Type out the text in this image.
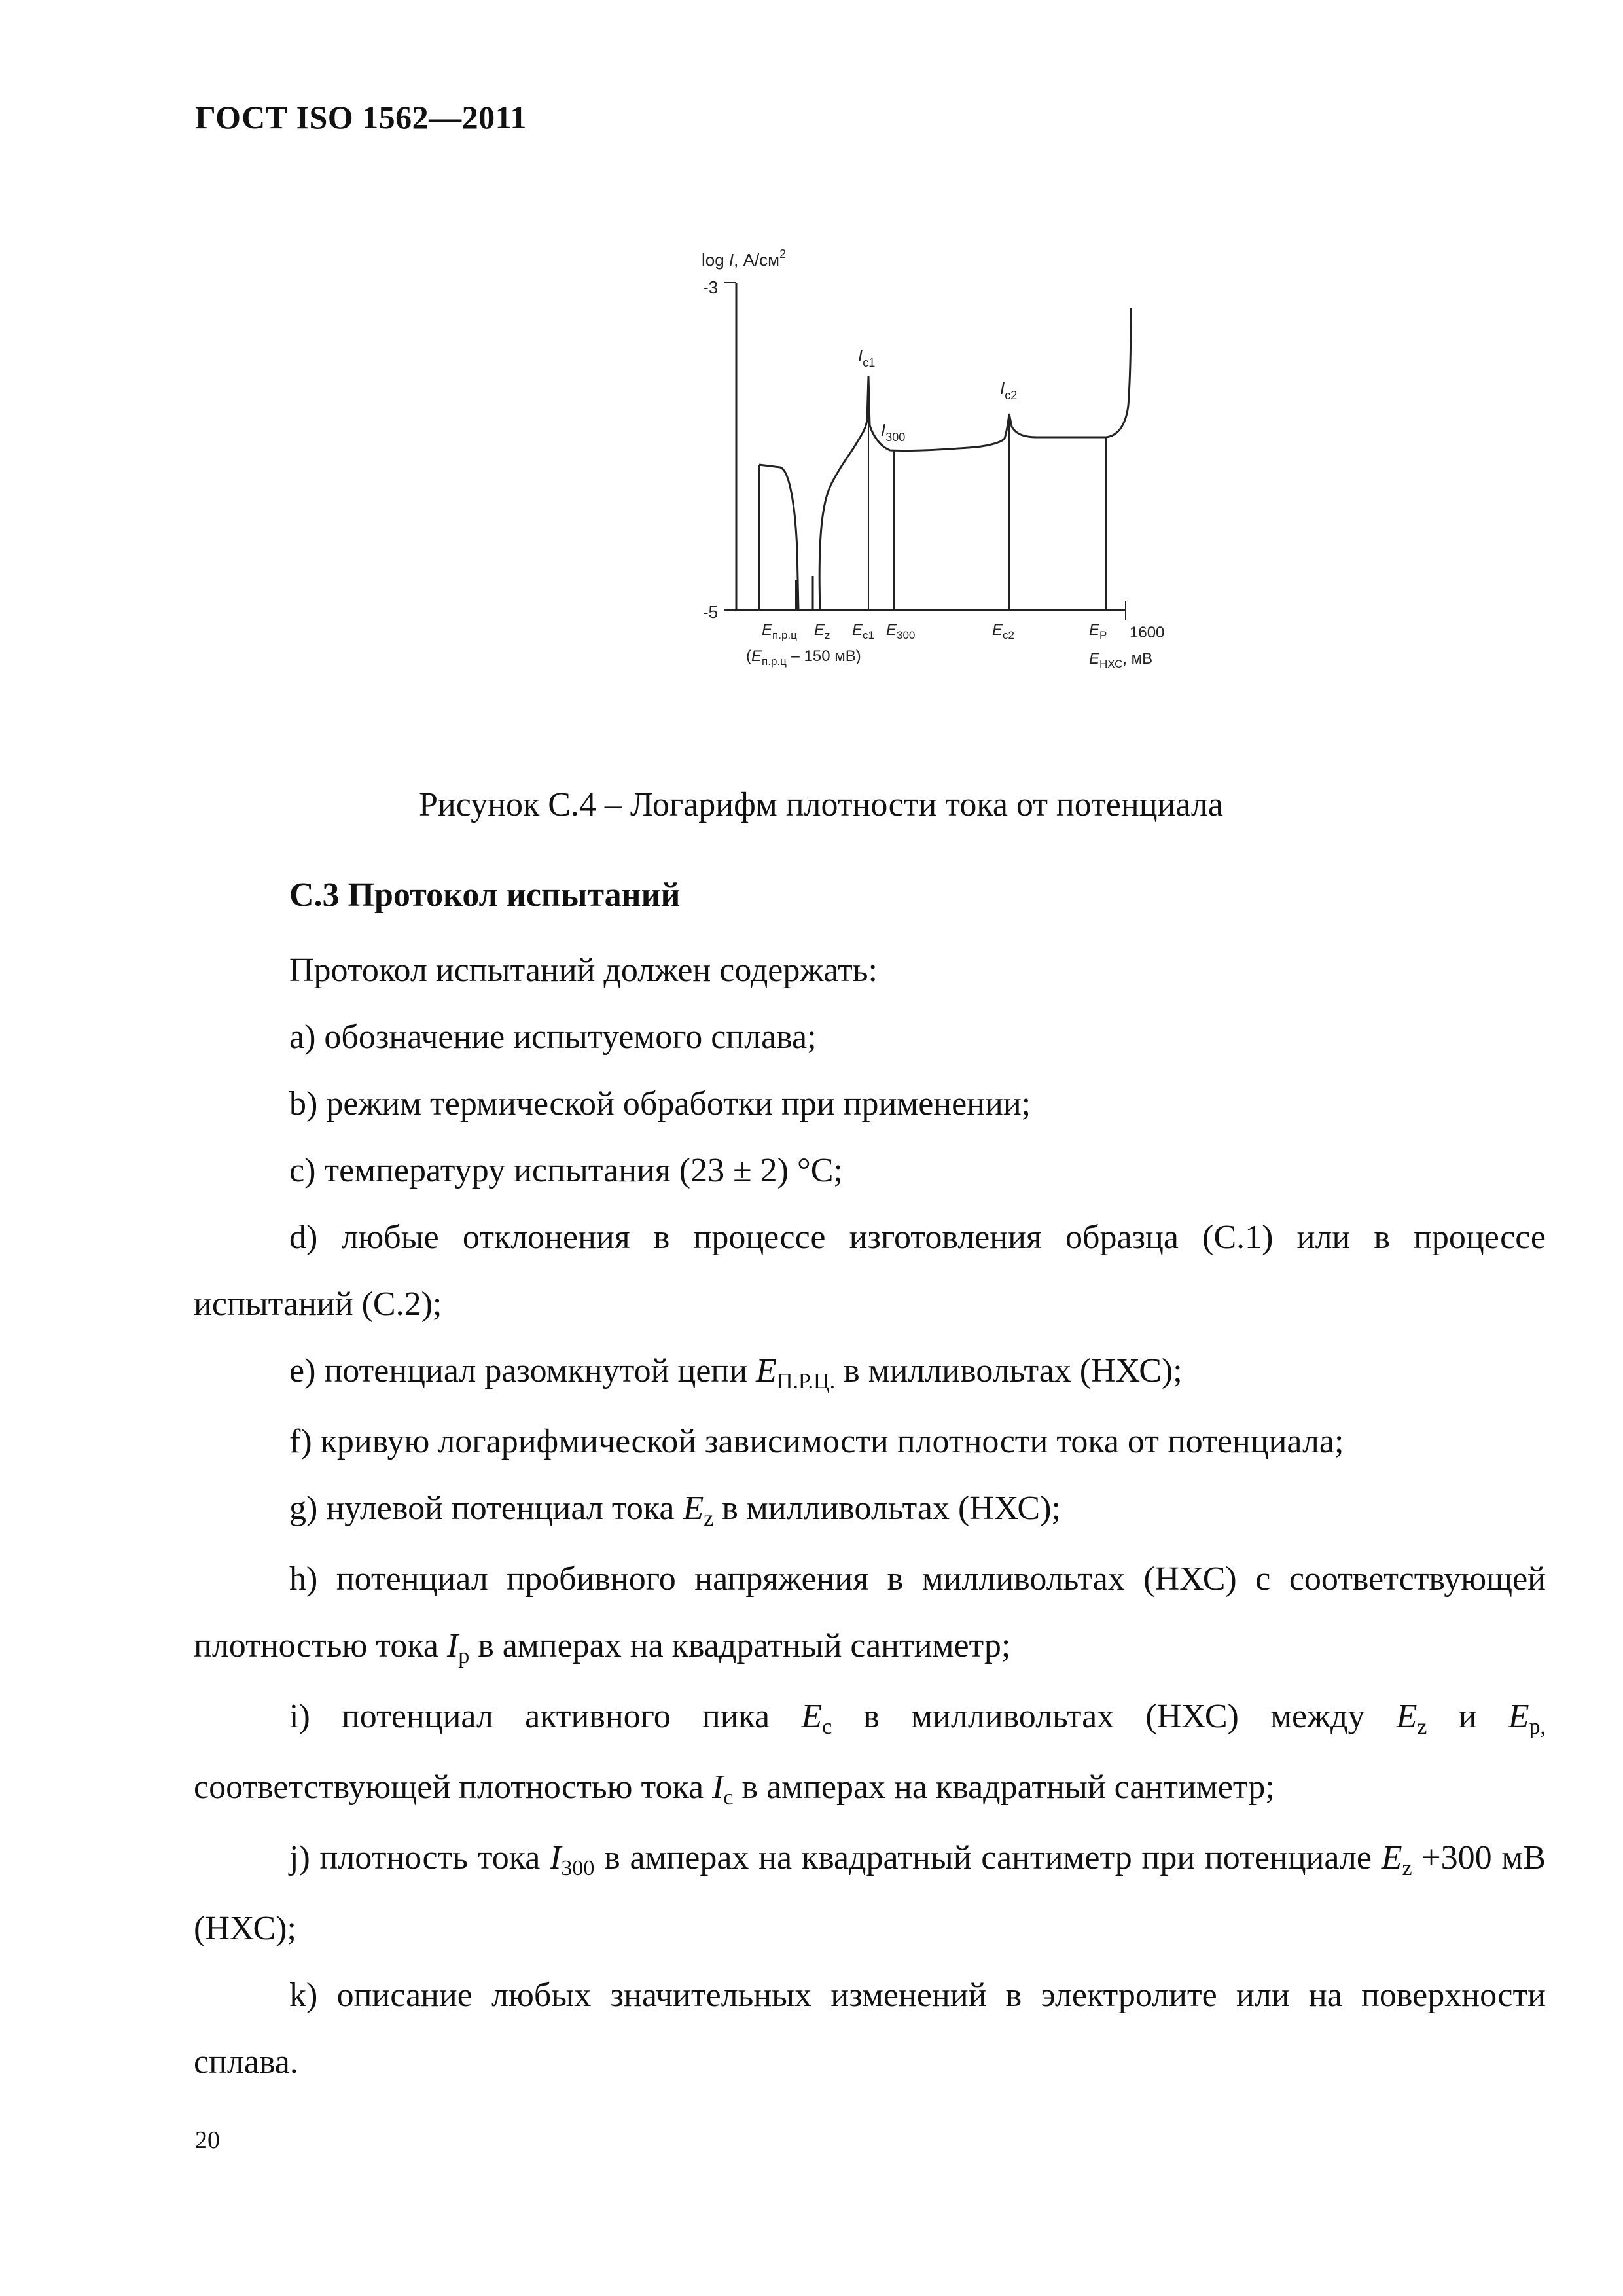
ГОСТ ISO 1562—2011
log I, $А/см^2$
-3
-5
$I_{c1}$
$I_{300}$
$I_{c2}$
$E_{п.р.ц}$ $E_z$ $E_{c1}$ $E_{300}$	$E_{c2}$	$E_P$ 1600
($E_{п.р.ц} - 150$ мВ)	$E_{НХС}$, мВ
Рисунок С.4 – Логарифм плотности тока от потенциала
С.3 Протокол испытаний

Протокол испытаний должен содержать:

а) обозначение испытуемого сплава;

b) режим термической обработки при применении;

c) температуру испытания (23 ± 2) °С;

d) любые отклонения в процессе изготовления образца (С.1) или в процессе испытаний (С.2);

е) потенциал разомкнутой цепи EП.Р.Ц. в милливольтах (НХС);

f) кривую логарифмической зависимости плотности тока от потенциала;

g) нулевой потенциал тока Ez в милливольтах (НХС);

h) потенциал пробивного напряжения в милливольтах (НХС) с соответствующей плотностью тока Ip в амперах на квадратный сантиметр;

i) потенциал активного пика Ec в милливольтах (НХС) между Ez и Ep, соответствующей плотностью тока Ic в амперах на квадратный сантиметр;

j) плотность тока I300 в амперах на квадратный сантиметр при потенциале Ez +300 мВ (НХС);

k) описание любых значительных изменений в электролите или на поверхности сплава.

20
